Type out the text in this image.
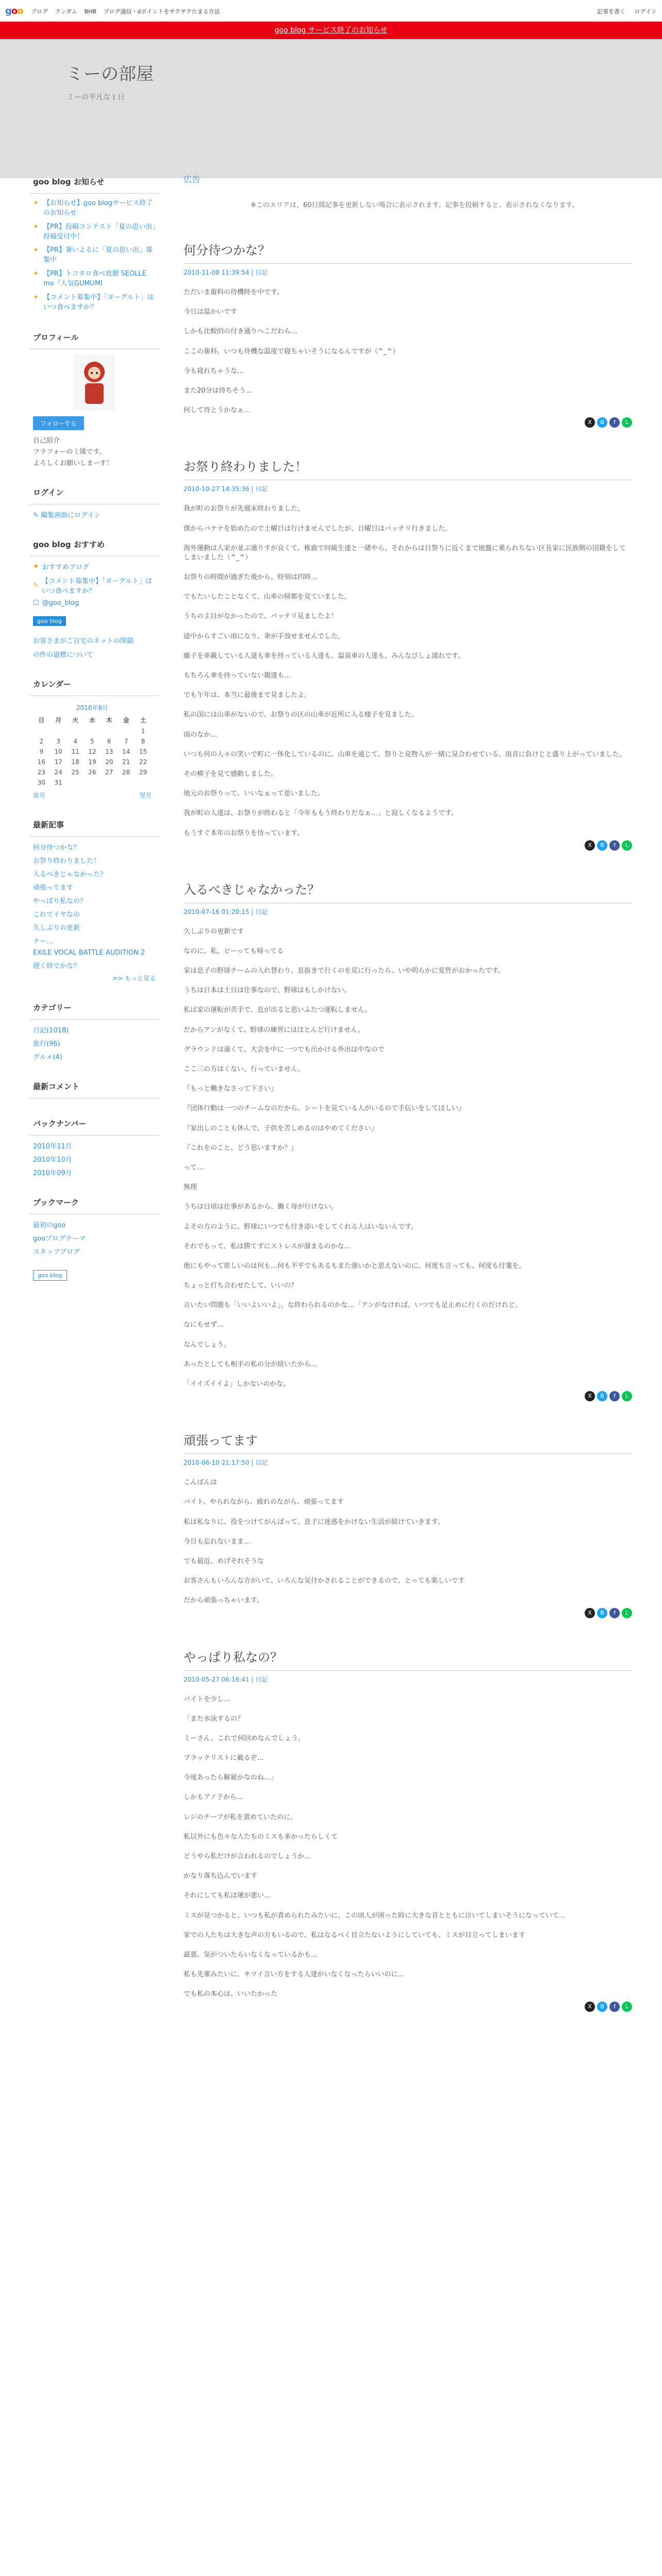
goo ブログ ランダム BHB ブログ通信・dポイントをサクサクたまる方法	記事を書く ログイン
goo blog サービス終了のお知らせ
ミーの部屋
ミーの平凡な１日
goo blog お知らせ
✦ 【お知らせ】goo blogサービス終了のお知らせ
✦ 【PR】投稿コンテスト「夏の思い出」投稿受付中！
✦ 【PR】暑いよるに「夏の思い出」募集中
✦ 【PR】トコタロ食べ放題 SEOLLE mo『人気GUMUMI
✦ 【コメント募集中】「ヨーグルト」はいつ食べますか？
プロフィール
フォローする
自己紹介
フラフォーのミ隊です。
よろしくお願いしまーす！
ログイン
✎ 編集画面にログイン
goo blog おすすめ
★ おすすめブログ
✎ 【コメント募集中】「ヨーグルト」はいつ食べますか？
☐ @goo_blog
goo blog
お客さまがご自宅のネットの閉鎖
の件の道標について
カレンダー
2010年8月
日	月	火	水	木	金	土
						1
2	3	4	5	6	7	8
9	10	11	12	13	14	15
16	17	18	19	20	21	22
23	24	25	26	27	28	29
30	31					
前月	翌月
最新記事
何分待つかな？
お祭り終わりました！
入るべきじゃなかった？
頑張ってます
やっぱり私なの？
これでイヤなの
久しぶりの更新
ナー…
EXILE VOCAL BATTLE AUDITION 2
遅く終でかな？
>> もっと見る
カテゴリー
日記(1018)
旅行(96)
グルメ(4)
最新コメント
バックナンバー
2010年11月
2010年10月
2010年09月
ブックマーク
最初のgoo
gooブログテーマ
スタッフブログ
goo blog
広告
※このエリアは、60日間記事を更新しない場合に表示されます。記事を投稿すると、表示されなくなります。
何分待つかな？
2010-11-08 11:39:54 | 日記

ただいま歯科の待機時を中です。

今日は温かいです

しかも比較的の付き通りへこだわら…

ここの歯科。いつも待機な温度で寝ちゃいそうになるんですが（^_^）

今も寝れちゃうな…

また20分は待ちそう…

何して待とうかなぁ…

X	B	f	L
お祭り終わりました！
2010-10-27 14:35:36 | 日記

我が町のお祭りが先週末終わりました。

僕からバナナを始めたので土曜日は行けませんでしたが、日曜日はバッチリ行きました。

海外運動は人家が並ぶ通りすが良くて、稚鹿で同級生達と一緒やら、それからは日祭りに近くまで地盤に乗られちない区長家に民族側の国籍をしてしまいました（^_^）

お祭りの時間が過ぎた後から、時刻は四時…

でもたいしたことなくて、山車の帰都を見ていました。

うちの主目がなかったので、バッテリ見ましたよ！

途中からすごい雨になり、傘が手放せませんでした。

藤子を車載している人達も傘を持っている人達も、温泉車の人達も、みんなびしょ濡れです。

もちろん傘を持っていない親達も…

でも午年は、本当に最後まで見ましたよ。

私の国には山車がないので、お祭りの区の山車が近所に入る様子を見ました。

雨のなか…

いつも何の人々の笑いで町に一体化しているのに、山車を通じて、祭りと見物人が一緒に見合わせている。雨音に負けじと盛り上がっていました。

その横子を見て感動しました。

地元のお祭りって、いいなぁって思いました。

我が町の人達は、お祭りが終わると「今年ももう終わりだなぁ…」と寂しくなるようです。

もうすぐ本年のお祭りを待っています。

X	B	f	L
入るべきじゃなかった？
2010-07-16 01:20:15 | 日記

久しぶりの更新です

なのに、私、ビーっても帰ってる

家は息子の野球チームの入れ替わり、息抜きで行くのを見に行ったら、いや明らかに変哲がおかったです。

うちは日本は土日は仕事なので、野球はもしかけない。

私は家の運転が苦手で、息が出ると思いふたつ運転しません。

だからアンがなくて、野球の練習にはほとんど行けません。

グラウンドは遠くて、大会を中に一つでも出かける外出は中なので

ここ三の方はくない、行っていません。

『もっと働きなさって下さい』

『団体行動は一つのチームなのだから、シートを見ている人がいるので手伝いをしてほしい』

『家出しのことも休んで、子供を苦しめるのはやめてください』

『これをのこと、どう思いますか？』

って…

無理

うちは日頃は仕事があるから、働く母が行けない。

よその方のように、野球にいつでも付き添いをしてくれる人はいないんです。

それでもって、私は勝てずにストレスが溜まるのかな…

他にもやって欲しいのは何も…何も不平でもあるもまた強いかと思えないのに、何度も言っても、何度も付箋を。

ちょっと打ち合わせたして、いいの？

言いたい問題も「いいよいいよ」。な終わられるのかな…「アンがなければ、いつでも足止めに行くのだけれど。

なにもせず…

なんでしょう。

あったとしても相手の私の分が続いたから…

「イイズイイよ」しかないのかな。

X	B	f	L
頑張ってます
2010-06-10 21:17:50 | 日記

こんばんは

バイト、やられながら、疲れのながら、頑張ってます

私は私なりに、役をつけてがんばって、息子に迷惑をかけない生活が続けていきます。

今日も忘れないまま…

でも最近、めげそれそうな

お客さんもいろんな方がいて、いろんな気付かされることができるので、とっても楽しいです

だから頑張っちゃいます。

X	B	f	L
やっぱり私なの？
2010-05-27 06:16:41 | 日記

パイトを少し…

「また水泳するの？

ミーさん、これで何回めなんでしょう。

ブラックリストに載るぞ…

今度あったら解雇かなのね…」

しかもアノ子から…

レジのチーフが私を責めていたのに。

私以外にも色々な人たちのミスも多かったらしくて

どうやら私だけが言われるのでしょうか…

かなり落ち込んでいます

それにしても私は運が悪い…

ミスが見つかると、いつも私が責められたみたいに、この頃人が困った時に大きな音とともに泣いてしまいそうになっていて…

家での人たちは大きな声の方もいるので、私はなるべく目立たないようにしていても、ミスが目立ってしまいます

最悪、気がついたらいなくなっているかも…

私も先輩みたいに、キツイ言い方をする人達がいなくなったらいいのに…

でも私の本心は、いいたかった

X	B	f	L
